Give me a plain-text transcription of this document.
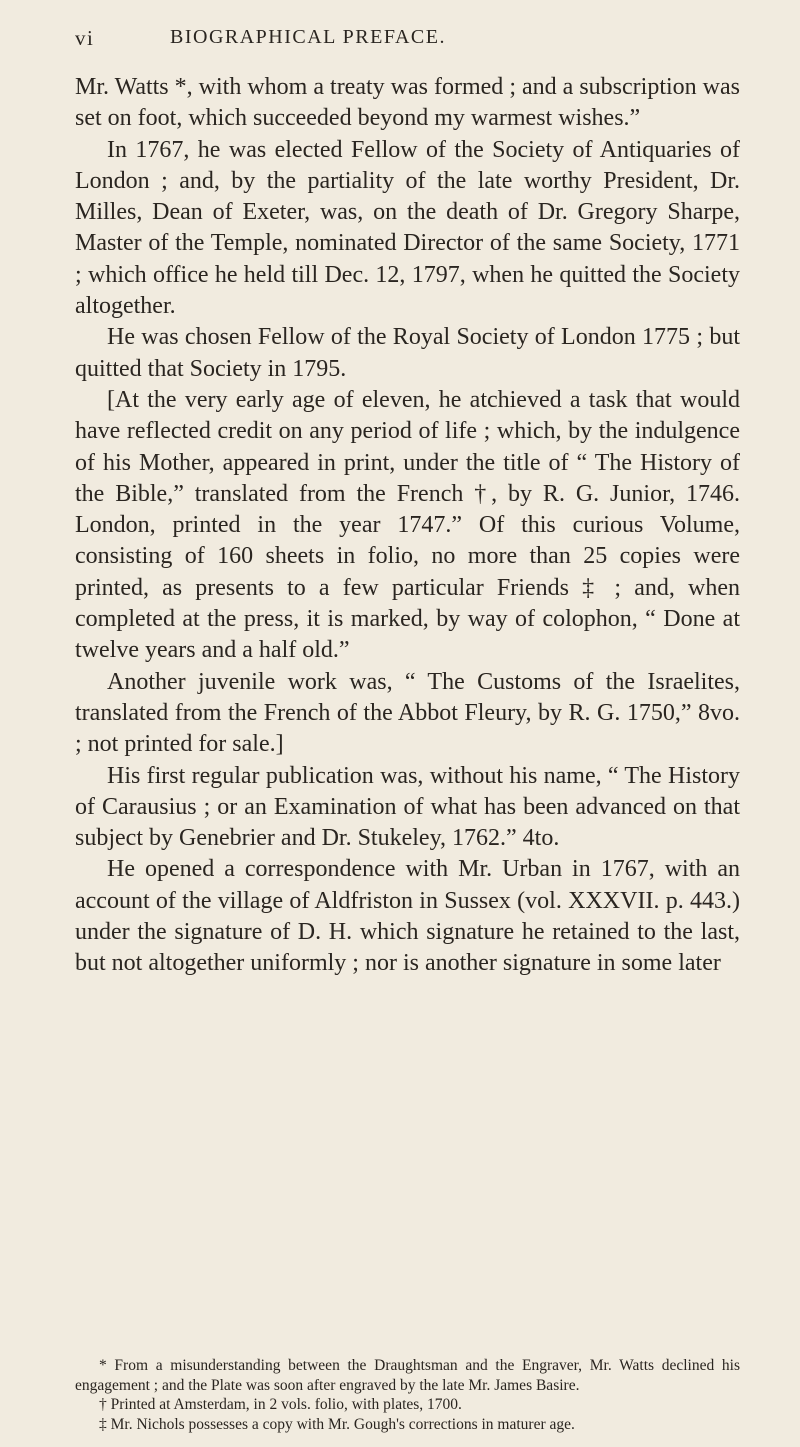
vi	BIOGRAPHICAL PREFACE.

Mr. Watts *, with whom a treaty was formed ; and a subscription was set on foot, which succeeded beyond my warmest wishes.”

In 1767, he was elected Fellow of the Society of Antiquaries of London ; and, by the partiality of the late worthy President, Dr. Milles, Dean of Exeter, was, on the death of Dr. Gregory Sharpe, Master of the Temple, nominated Director of the same Society, 1771 ; which office he held till Dec. 12, 1797, when he quitted the Society altogether.

He was chosen Fellow of the Royal Society of London 1775 ; but quitted that Society in 1795.

[At the very early age of eleven, he atchieved a task that would have reflected credit on any period of life ; which, by the indulgence of his Mother, appeared in print, under the title of “ The History of the Bible,” translated from the French †, by R. G. Junior, 1746. London, printed in the year 1747.” Of this curious Volume, consisting of 160 sheets in folio, no more than 25 copies were printed, as presents to a few particular Friends ‡ ; and, when completed at the press, it is marked, by way of colophon, “ Done at twelve years and a half old.”

Another juvenile work was, “ The Customs of the Israelites, translated from the French of the Abbot Fleury, by R. G. 1750,” 8vo. ; not printed for sale.]

His first regular publication was, without his name, “ The History of Carausius ; or an Examination of what has been advanced on that subject by Genebrier and Dr. Stukeley, 1762.” 4to.

He opened a correspondence with Mr. Urban in 1767, with an account of the village of Aldfriston in Sussex (vol. XXXVII. p. 443.) under the signature of D. H. which signature he retained to the last, but not altogether uniformly ; nor is another signature in some later

* From a misunderstanding between the Draughtsman and the Engraver, Mr. Watts declined his engagement ; and the Plate was soon after engraved by the late Mr. James Basire.

† Printed at Amsterdam, in 2 vols. folio, with plates, 1700.

‡ Mr. Nichols possesses a copy with Mr. Gough's corrections in maturer age.
